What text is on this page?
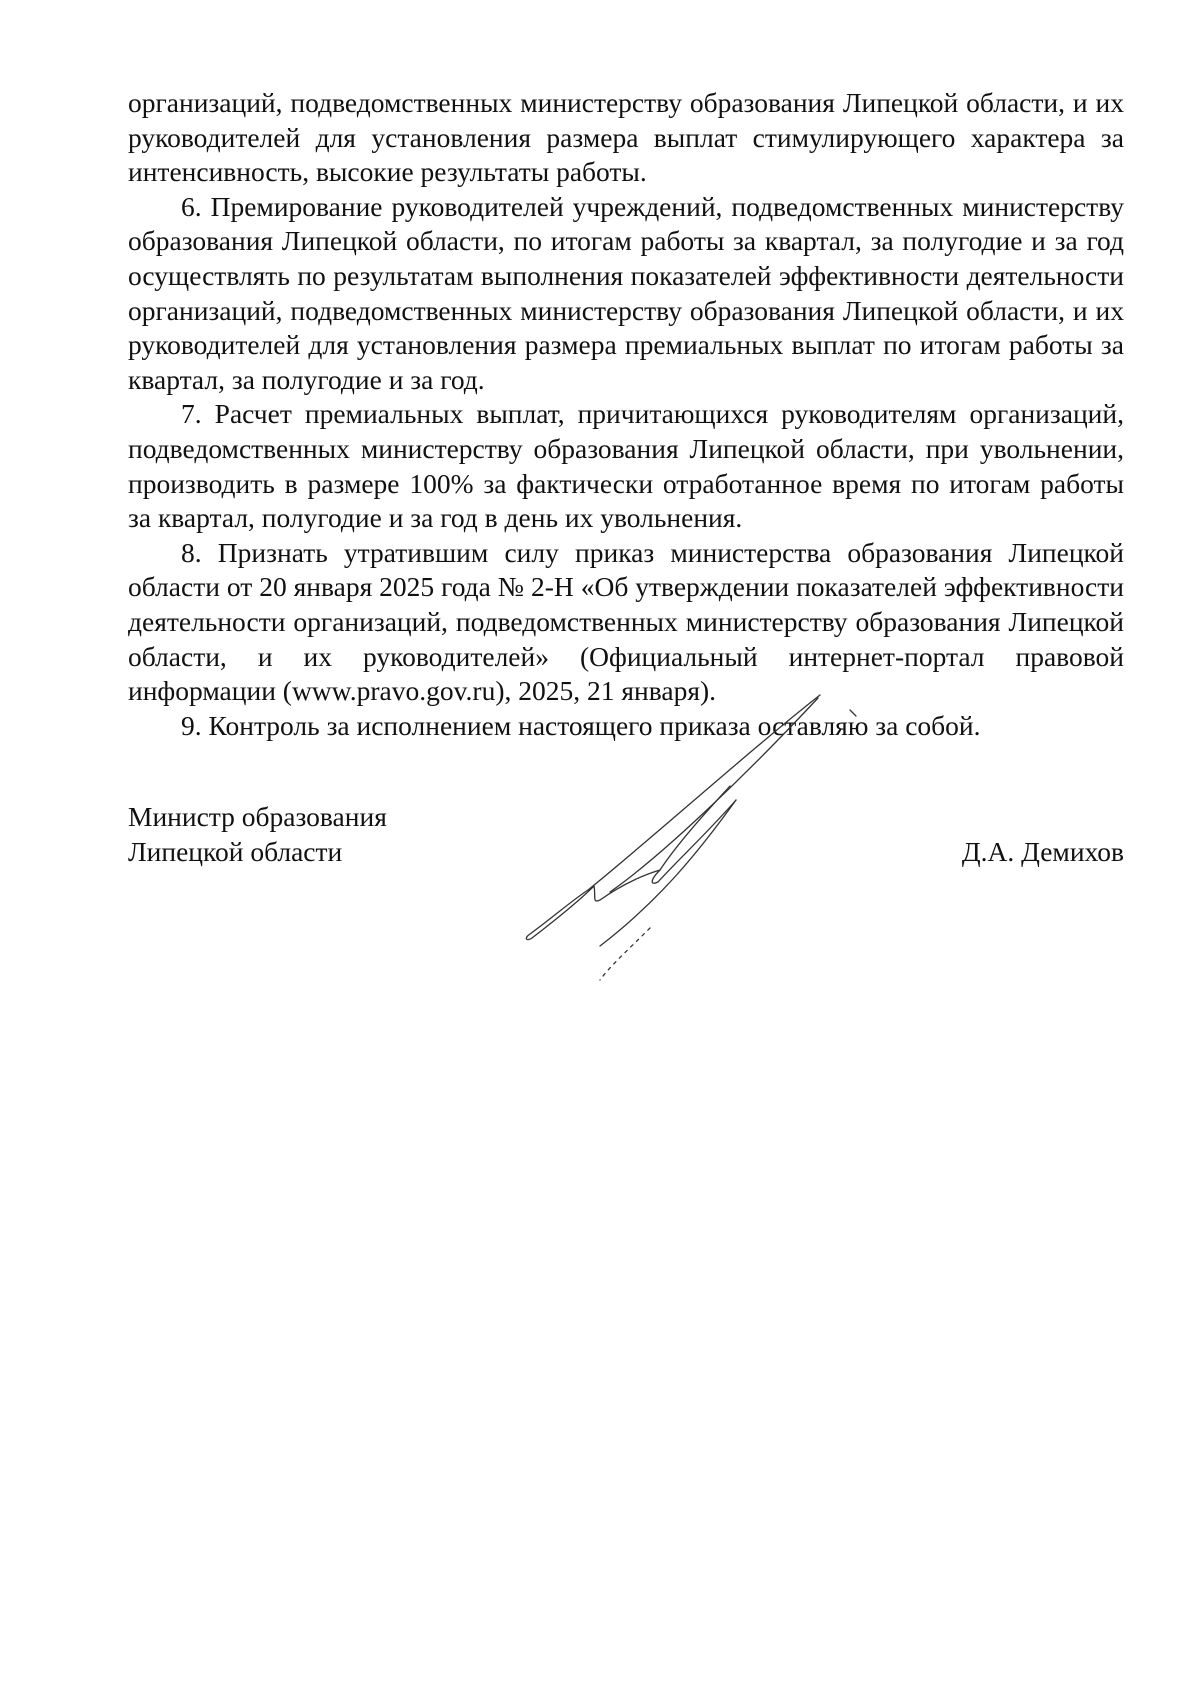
организаций, подведомственных министерству образования Липецкой области, и их руководителей для установления размера выплат стимулирующего характера за интенсивность, высокие результаты работы.

6. Премирование руководителей учреждений, подведомственных министерству образования Липецкой области, по итогам работы за квартал, за полугодие и за год осуществлять по результатам выполнения показателей эффективности деятельности организаций, подведомственных министерству образования Липецкой области, и их руководителей для установления размера премиальных выплат по итогам работы за квартал, за полугодие и за год.

7. Расчет премиальных выплат, причитающихся руководителям организаций, подведомственных министерству образования Липецкой области, при увольнении, производить в размере 100% за фактически отработанное время по итогам работы за квартал, полугодие и за год в день их увольнения.

8. Признать утратившим силу приказ министерства образования Липецкой области от 20 января 2025 года № 2-Н «Об утверждении показателей эффективности деятельности организаций, подведомственных министерству образования Липецкой области, и их руководителей» (Официальный интернет-портал правовой информации (www.pravo.gov.ru), 2025, 21 января).

9. Контроль за исполнением настоящего приказа оставляю за собой.

Министр образования
Липецкой области	Д.А. Демихов
